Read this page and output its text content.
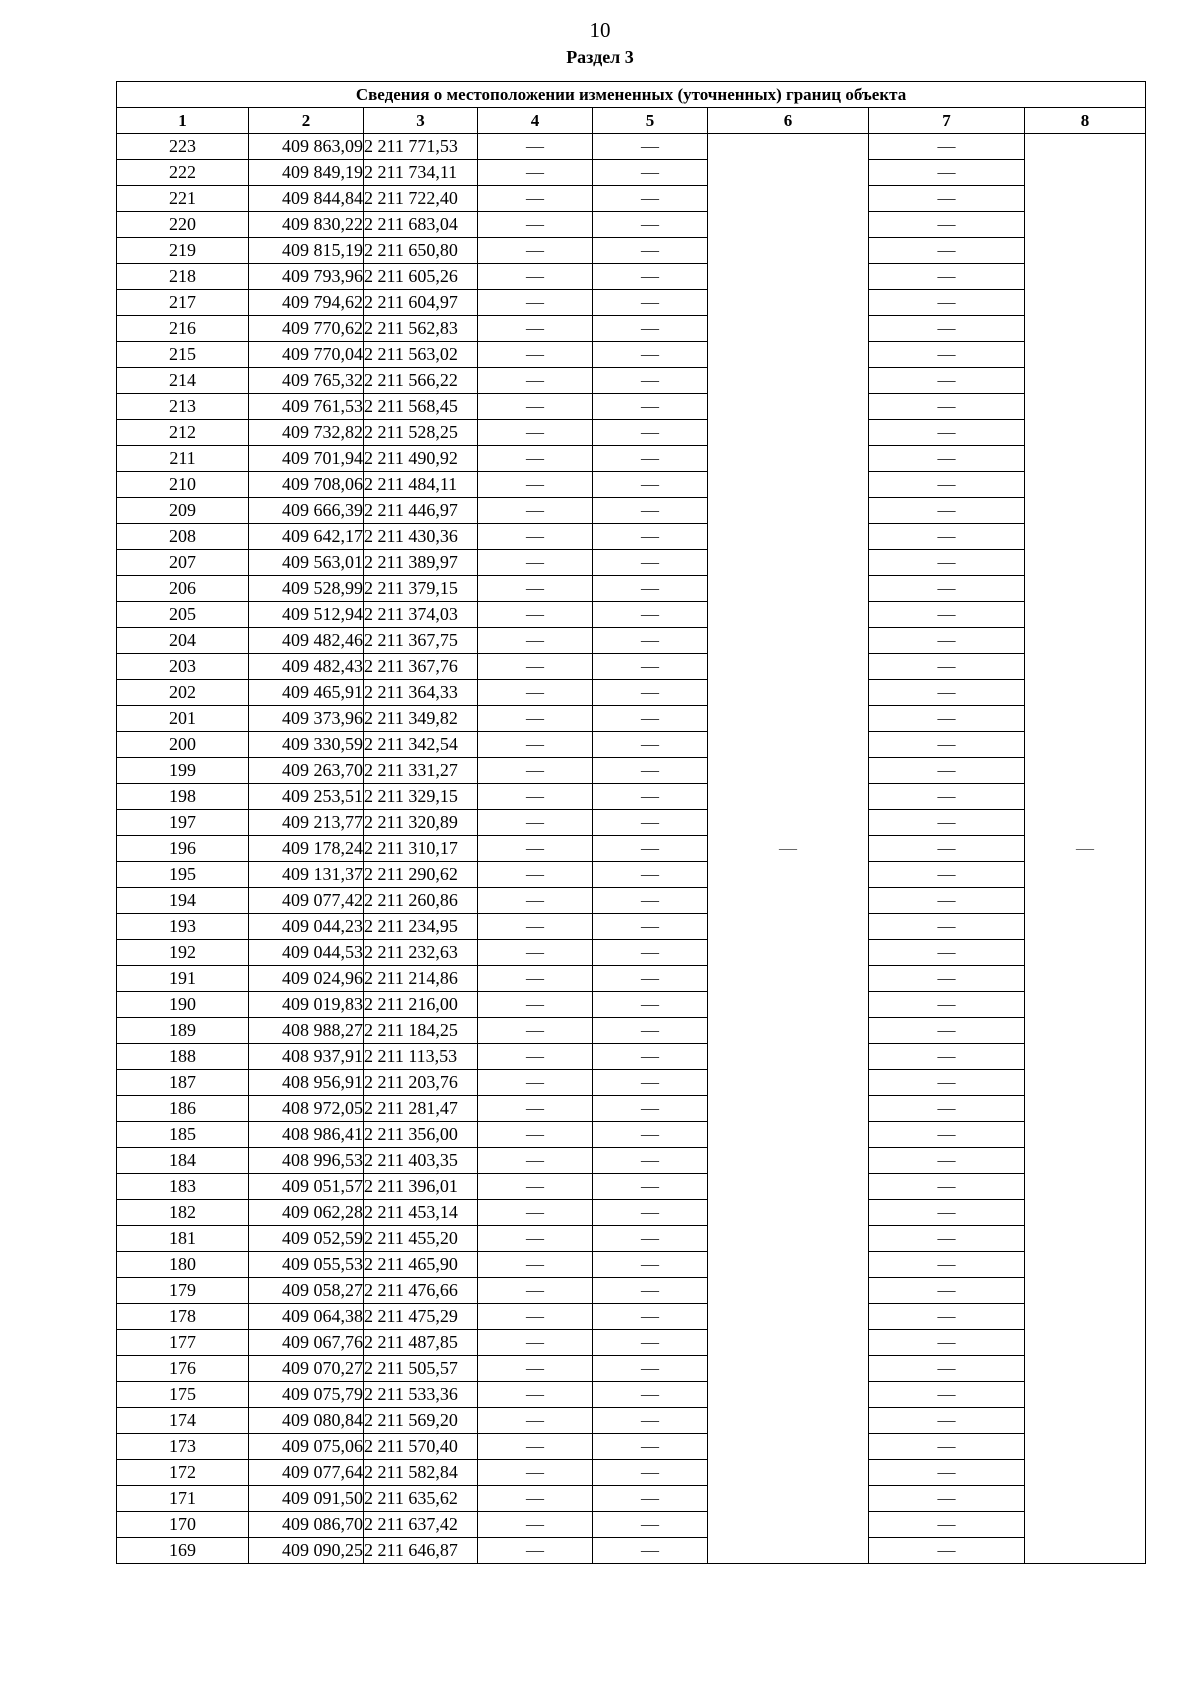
10
Раздел 3
Сведения о местоположении измененных (уточненных) границ объекта							
1	2	3	4	5	6	7	8
223	409 863,09	2 211 771,53	—	—	—	—	—
222	409 849,19	2 211 734,11	—	—		—	
221	409 844,84	2 211 722,40	—	—		—	
220	409 830,22	2 211 683,04	—	—		—	
219	409 815,19	2 211 650,80	—	—		—	
218	409 793,96	2 211 605,26	—	—		—	
217	409 794,62	2 211 604,97	—	—		—	
216	409 770,62	2 211 562,83	—	—		—	
215	409 770,04	2 211 563,02	—	—		—	
214	409 765,32	2 211 566,22	—	—		—	
213	409 761,53	2 211 568,45	—	—		—	
212	409 732,82	2 211 528,25	—	—		—	
211	409 701,94	2 211 490,92	—	—		—	
210	409 708,06	2 211 484,11	—	—		—	
209	409 666,39	2 211 446,97	—	—		—	
208	409 642,17	2 211 430,36	—	—		—	
207	409 563,01	2 211 389,97	—	—		—	
206	409 528,99	2 211 379,15	—	—		—	
205	409 512,94	2 211 374,03	—	—		—	
204	409 482,46	2 211 367,75	—	—		—	
203	409 482,43	2 211 367,76	—	—		—	
202	409 465,91	2 211 364,33	—	—		—	
201	409 373,96	2 211 349,82	—	—		—	
200	409 330,59	2 211 342,54	—	—		—	
199	409 263,70	2 211 331,27	—	—		—	
198	409 253,51	2 211 329,15	—	—		—	
197	409 213,77	2 211 320,89	—	—		—	
196	409 178,24	2 211 310,17	—	—		—	
195	409 131,37	2 211 290,62	—	—		—	
194	409 077,42	2 211 260,86	—	—		—	
193	409 044,23	2 211 234,95	—	—		—	
192	409 044,53	2 211 232,63	—	—		—	
191	409 024,96	2 211 214,86	—	—		—	
190	409 019,83	2 211 216,00	—	—		—	
189	408 988,27	2 211 184,25	—	—		—	
188	408 937,91	2 211 113,53	—	—		—	
187	408 956,91	2 211 203,76	—	—		—	
186	408 972,05	2 211 281,47	—	—		—	
185	408 986,41	2 211 356,00	—	—		—	
184	408 996,53	2 211 403,35	—	—		—	
183	409 051,57	2 211 396,01	—	—		—	
182	409 062,28	2 211 453,14	—	—		—	
181	409 052,59	2 211 455,20	—	—		—	
180	409 055,53	2 211 465,90	—	—		—	
179	409 058,27	2 211 476,66	—	—		—	
178	409 064,38	2 211 475,29	—	—		—	
177	409 067,76	2 211 487,85	—	—		—	
176	409 070,27	2 211 505,57	—	—		—	
175	409 075,79	2 211 533,36	—	—		—	
174	409 080,84	2 211 569,20	—	—		—	
173	409 075,06	2 211 570,40	—	—		—	
172	409 077,64	2 211 582,84	—	—		—	
171	409 091,50	2 211 635,62	—	—		—	
170	409 086,70	2 211 637,42	—	—		—	
169	409 090,25	2 211 646,87	—	—		—	
